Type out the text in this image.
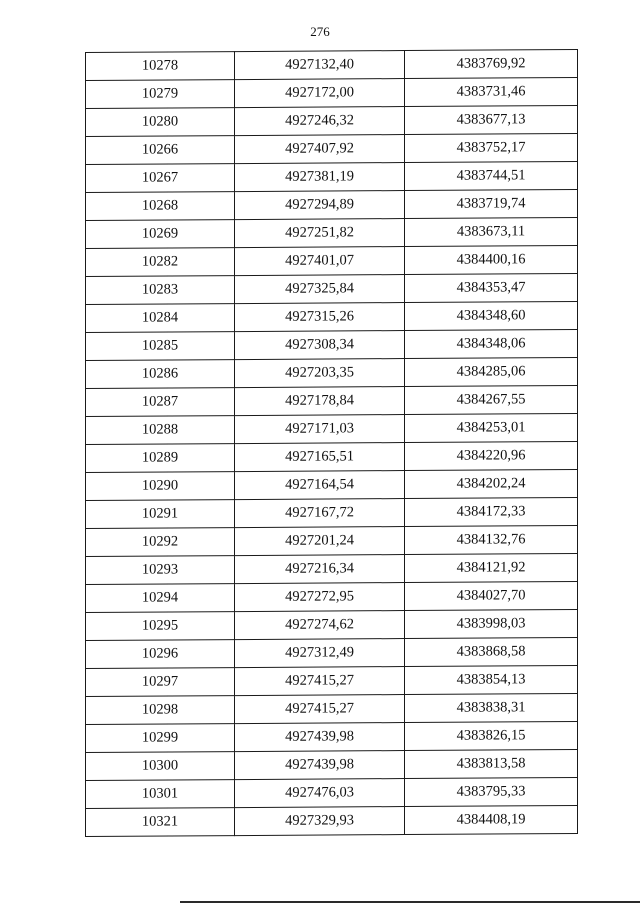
276
10278	4927132,40	4383769,92
10279	4927172,00	4383731,46
10280	4927246,32	4383677,13
10266	4927407,92	4383752,17
10267	4927381,19	4383744,51
10268	4927294,89	4383719,74
10269	4927251,82	4383673,11
10282	4927401,07	4384400,16
10283	4927325,84	4384353,47
10284	4927315,26	4384348,60
10285	4927308,34	4384348,06
10286	4927203,35	4384285,06
10287	4927178,84	4384267,55
10288	4927171,03	4384253,01
10289	4927165,51	4384220,96
10290	4927164,54	4384202,24
10291	4927167,72	4384172,33
10292	4927201,24	4384132,76
10293	4927216,34	4384121,92
10294	4927272,95	4384027,70
10295	4927274,62	4383998,03
10296	4927312,49	4383868,58
10297	4927415,27	4383854,13
10298	4927415,27	4383838,31
10299	4927439,98	4383826,15
10300	4927439,98	4383813,58
10301	4927476,03	4383795,33
10321	4927329,93	4384408,19
